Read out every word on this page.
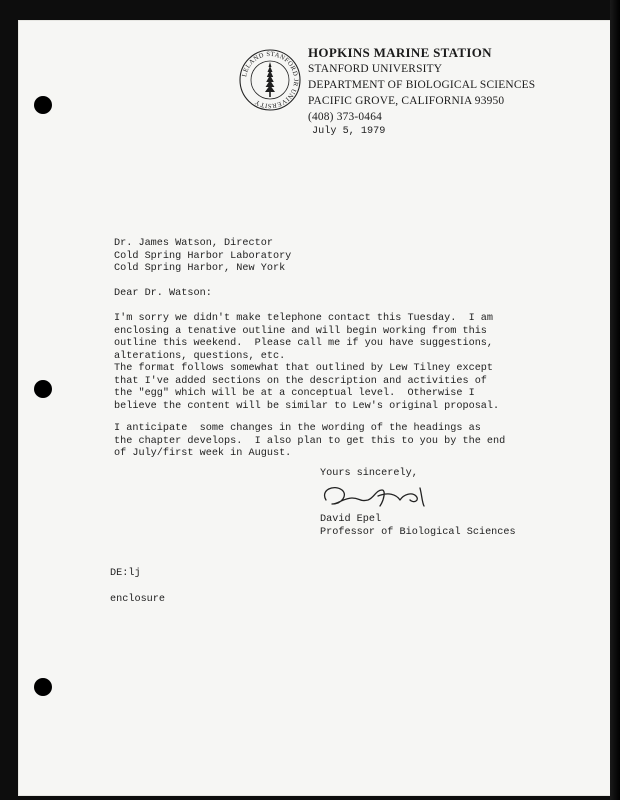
LELAND STANFORD JR UNIVERSITY
HOPKINS MARINE STATION
STANFORD UNIVERSITY
DEPARTMENT OF BIOLOGICAL SCIENCES
PACIFIC GROVE, CALIFORNIA 93950
(408) 373-0464
July 5, 1979
Dr. James Watson, Director
Cold Spring Harbor Laboratory
Cold Spring Harbor, New York
Dear Dr. Watson:
I'm sorry we didn't make telephone contact this Tuesday.  I am
enclosing a tenative outline and will begin working from this
outline this weekend.  Please call me if you have suggestions,
alterations, questions, etc.
The format follows somewhat that outlined by Lew Tilney except
that I've added sections on the description and activities of
the "egg" which will be at a conceptual level.  Otherwise I
believe the content will be similar to Lew's original proposal.
I anticipate  some changes in the wording of the headings as
the chapter develops.  I also plan to get this to you by the end
of July/first week in August.
Yours sincerely,
David Epel
Professor of Biological Sciences
DE:lj
enclosure
